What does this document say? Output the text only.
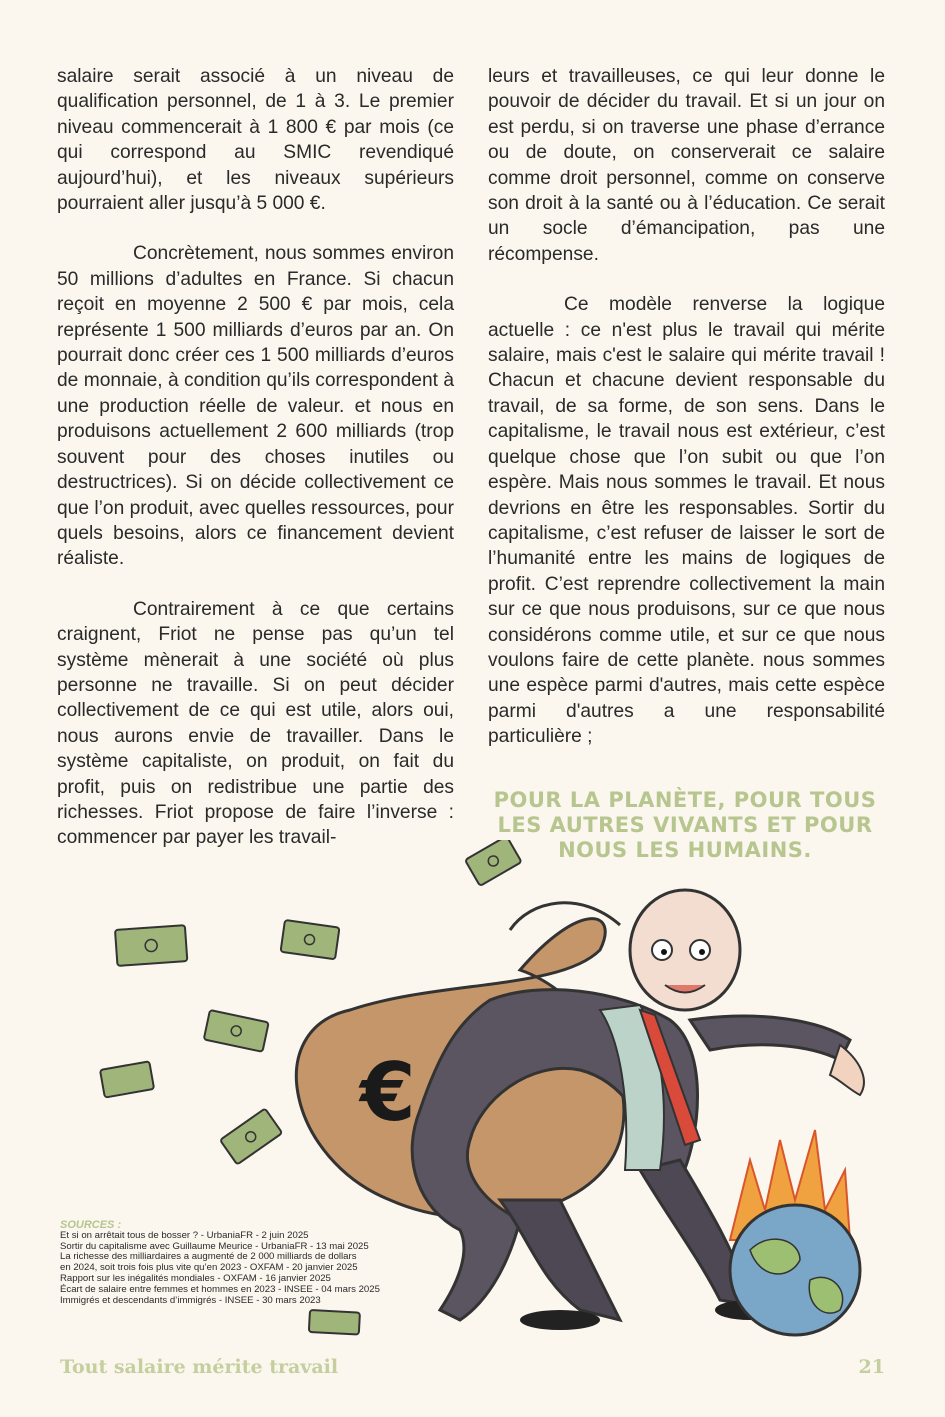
salaire serait associé à un niveau de qualification personnel, de 1 à 3. Le premier niveau commencerait à 1 800 € par mois (ce qui correspond au SMIC revendiqué aujourd’hui), et les niveaux supérieurs pourraient aller jusqu’à 5 000 €.

Concrètement, nous sommes environ 50 millions d’adultes en France. Si chacun reçoit en moyenne 2 500 € par mois, cela représente 1 500 milliards d’euros par an. On pourrait donc créer ces 1 500 milliards d’euros de monnaie, à condition qu’ils correspondent à une production réelle de valeur. et nous en produisons actuellement 2 600 milliards (trop souvent pour des choses inutiles ou destructrices). Si on décide collectivement ce que l’on produit, avec quelles ressources, pour quels besoins, alors ce financement devient réaliste.

Contrairement à ce que certains craignent, Friot ne pense pas qu’un tel système mènerait à une société où plus personne ne travaille. Si on peut décider collectivement de ce qui est utile, alors oui, nous aurons envie de travailler. Dans le système capitaliste, on produit, on fait du profit, puis on redistribue une partie des richesses. Friot propose de faire l’inverse : commencer par payer les travail-

leurs et travailleuses, ce qui leur donne le pouvoir de décider du travail. Et si un jour on est perdu, si on traverse une phase d’errance ou de doute, on conserverait ce salaire comme droit personnel, comme on conserve son droit à la santé ou à l’éducation. Ce serait un socle d’émancipation, pas une récompense.

Ce modèle renverse la logique actuelle : ce n'est plus le travail qui mérite salaire, mais c'est le salaire qui mérite travail ! Chacun et chacune devient responsable du travail, de sa forme, de son sens. Dans le capitalisme, le travail nous est extérieur, c’est quelque chose que l’on subit ou que l’on espère. Mais nous sommes le travail. Et nous devrions en être les responsables. Sortir du capitalisme, c’est refuser de laisser le sort de l’humanité entre les mains de logiques de profit. C’est reprendre collectivement la main sur ce que nous produisons, sur ce que nous considérons comme utile, et sur ce que nous voulons faire de cette planète. nous sommes une espèce parmi d'autres, mais cette espèce parmi d'autres a une responsabilité particulière ;

POUR LA PLANÈTE, POUR TOUS LES AUTRES VIVANTS ET POUR NOUS LES HUMAINS.
€
SOURCES :
Et si on arrêtait tous de bosser ? - UrbaniaFR - 2 juin 2025
Sortir du capitalisme avec Guillaume Meurice - UrbaniaFR - 13 mai 2025
La richesse des milliardaires a augmenté de 2 000 milliards de dollars
en 2024, soit trois fois plus vite qu’en 2023 - OXFAM - 20 janvier 2025
Rapport sur les inégalités mondiales - OXFAM - 16 janvier 2025
Écart de salaire entre femmes et hommes en 2023 - INSEE - 04 mars 2025
Immigrés et descendants d’immigrés - INSEE - 30 mars 2023
Tout salaire mérite travail	21
